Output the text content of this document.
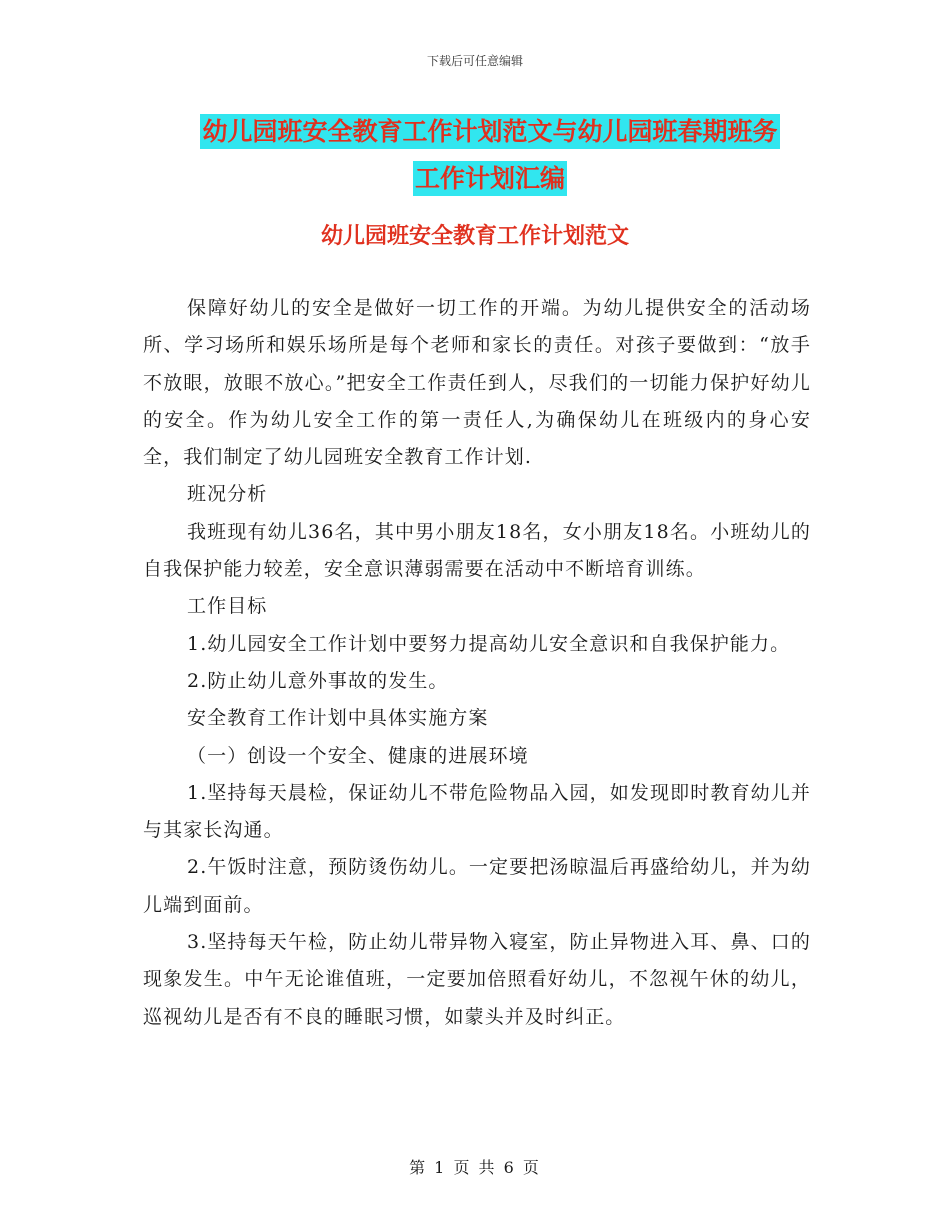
下载后可任意编辑
幼儿园班安全教育工作计划范文与幼儿园班春期班务
工作计划汇编
幼儿园班安全教育工作计划范文

保障好幼儿的安全是做好一切工作的开端。为幼儿提供安全的活动场所、学习场所和娱乐场所是每个老师和家长的责任。对孩子要做到：“放手不放眼，放眼不放心。”把安全工作责任到人，尽我们的一切能力保护好幼儿的安全。作为幼儿安全工作的第一责任人,为确保幼儿在班级内的身心安全，我们制定了幼儿园班安全教育工作计划.

班况分析

我班现有幼儿36名，其中男小朋友18名，女小朋友18名。小班幼儿的自我保护能力较差，安全意识薄弱需要在活动中不断培育训练。

工作目标

1.幼儿园安全工作计划中要努力提高幼儿安全意识和自我保护能力。

2.防止幼儿意外事故的发生。

安全教育工作计划中具体实施方案

（一）创设一个安全、健康的进展环境

1.坚持每天晨检，保证幼儿不带危险物品入园，如发现即时教育幼儿并与其家长沟通。

2.午饭时注意，预防烫伤幼儿。一定要把汤晾温后再盛给幼儿，并为幼儿端到面前。

3.坚持每天午检，防止幼儿带异物入寝室，防止异物进入耳、鼻、口的现象发生。中午无论谁值班，一定要加倍照看好幼儿，不忽视午休的幼儿，巡视幼儿是否有不良的睡眠习惯，如蒙头并及时纠正。

第 1 页 共 6 页
